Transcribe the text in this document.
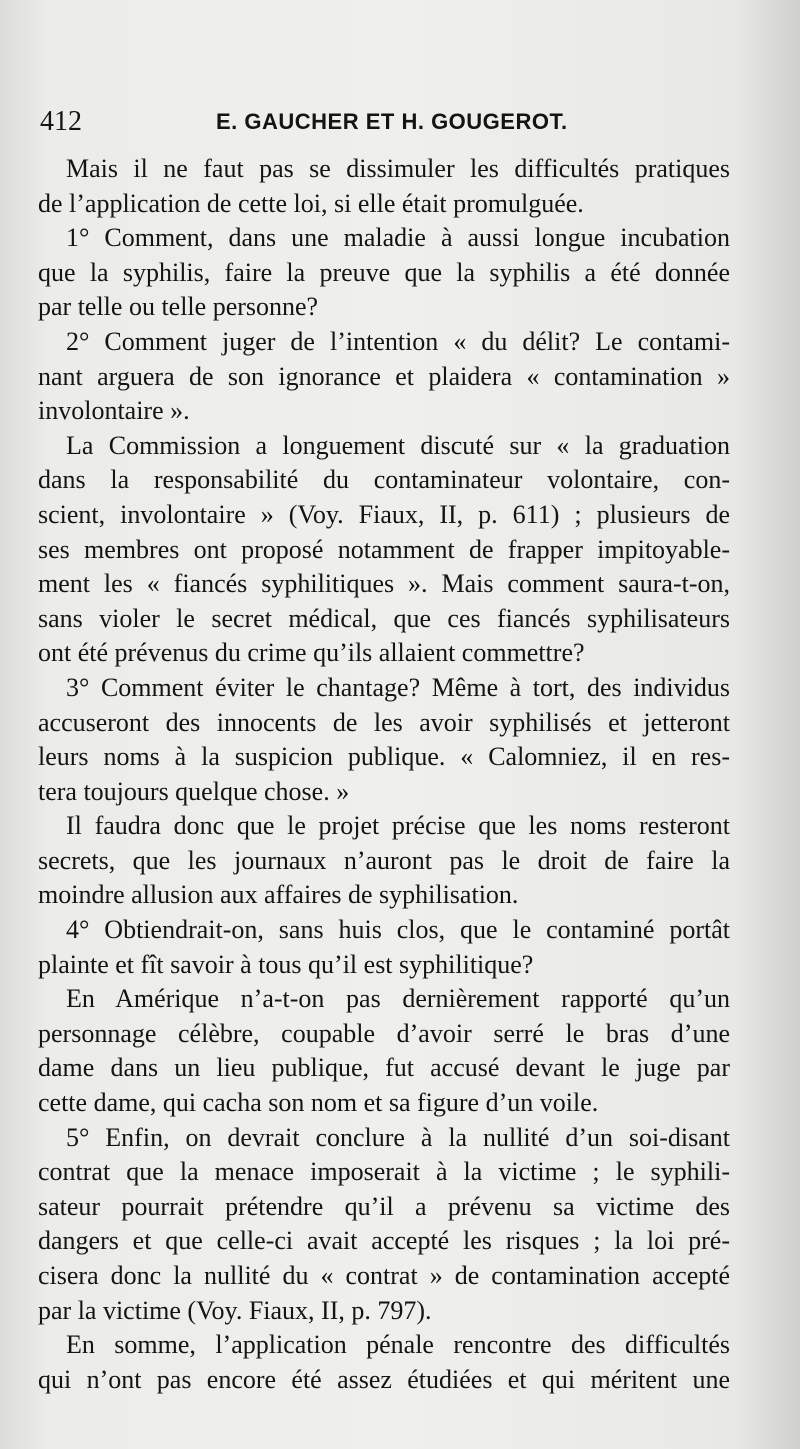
412	E. GAUCHER ET H. GOUGEROT.
Mais il ne faut pas se dissimuler les difficultés pratiques
de l’application de cette loi, si elle était promulguée.
1° Comment, dans une maladie à aussi longue incubation
que la syphilis, faire la preuve que la syphilis a été donnée
par telle ou telle personne?
2° Comment juger de l’intention « du délit? Le contami-
nant arguera de son ignorance et plaidera « contamination »
involontaire ».
La Commission a longuement discuté sur « la graduation
dans la responsabilité du contaminateur volontaire, con-
scient, involontaire » (Voy. Fiaux, II, p. 611) ; plusieurs de
ses membres ont proposé notamment de frapper impitoyable-
ment les « fiancés syphilitiques ». Mais comment saura-t-on,
sans violer le secret médical, que ces fiancés syphilisateurs
ont été prévenus du crime qu’ils allaient commettre?
3° Comment éviter le chantage? Même à tort, des individus
accuseront des innocents de les avoir syphilisés et jetteront
leurs noms à la suspicion publique. « Calomniez, il en res-
tera toujours quelque chose. »
Il faudra donc que le projet précise que les noms resteront
secrets, que les journaux n’auront pas le droit de faire la
moindre allusion aux affaires de syphilisation.
4° Obtiendrait-on, sans huis clos, que le contaminé portât
plainte et fît savoir à tous qu’il est syphilitique?
En Amérique n’a-t-on pas dernièrement rapporté qu’un
personnage célèbre, coupable d’avoir serré le bras d’une
dame dans un lieu publique, fut accusé devant le juge par
cette dame, qui cacha son nom et sa figure d’un voile.
5° Enfin, on devrait conclure à la nullité d’un soi-disant
contrat que la menace imposerait à la victime ; le syphili-
sateur pourrait prétendre qu’il a prévenu sa victime des
dangers et que celle-ci avait accepté les risques ; la loi pré-
cisera donc la nullité du « contrat » de contamination accepté
par la victime (Voy. Fiaux, II, p. 797).
En somme, l’application pénale rencontre des difficultés
qui n’ont pas encore été assez étudiées et qui méritent une
